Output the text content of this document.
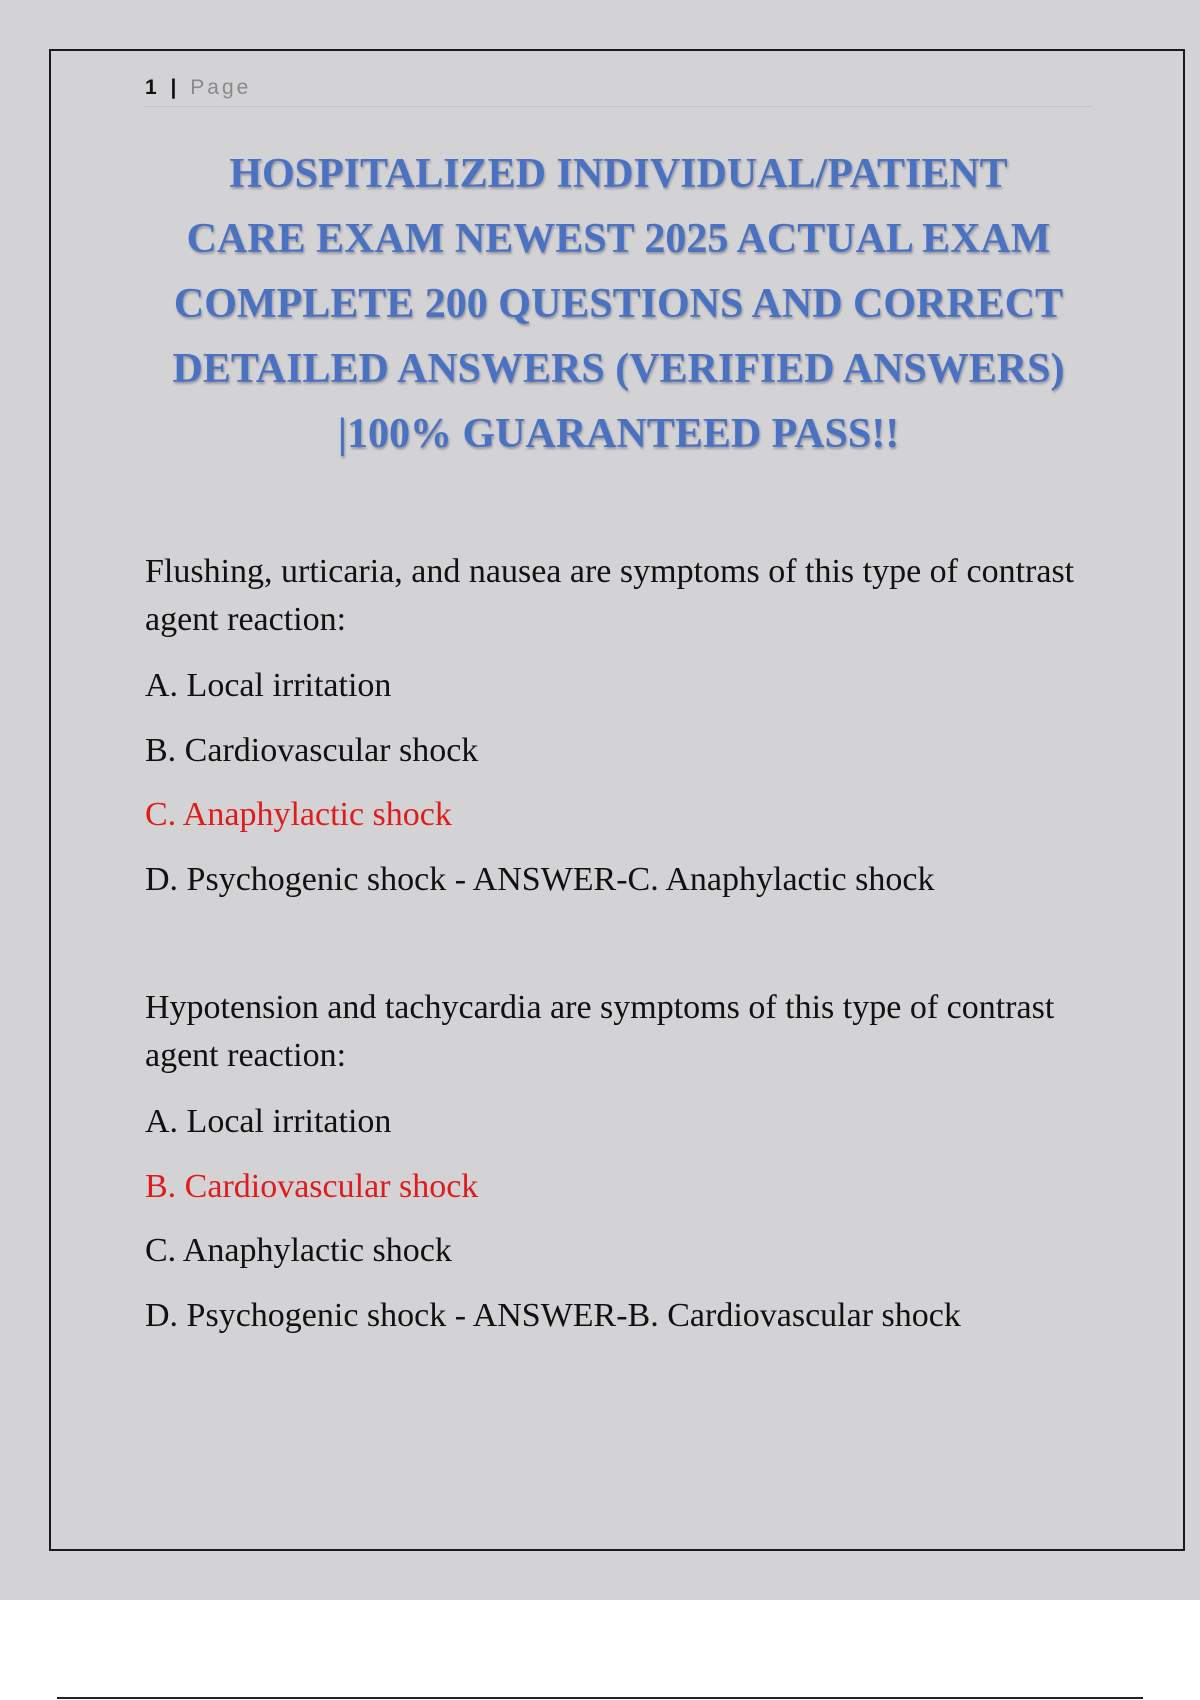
1 | Page
HOSPITALIZED INDIVIDUAL/PATIENT
CARE EXAM NEWEST 2025 ACTUAL EXAM
COMPLETE 200 QUESTIONS AND CORRECT
DETAILED ANSWERS (VERIFIED ANSWERS)
|100% GUARANTEED PASS!!

Flushing, urticaria, and nausea are symptoms of this type of contrast agent reaction:

A. Local irritation

B. Cardiovascular shock

C. Anaphylactic shock

D. Psychogenic shock - ANSWER-C. Anaphylactic shock

Hypotension and tachycardia are symptoms of this type of contrast agent reaction:

A. Local irritation

B. Cardiovascular shock

C. Anaphylactic shock

D. Psychogenic shock - ANSWER-B. Cardiovascular shock
